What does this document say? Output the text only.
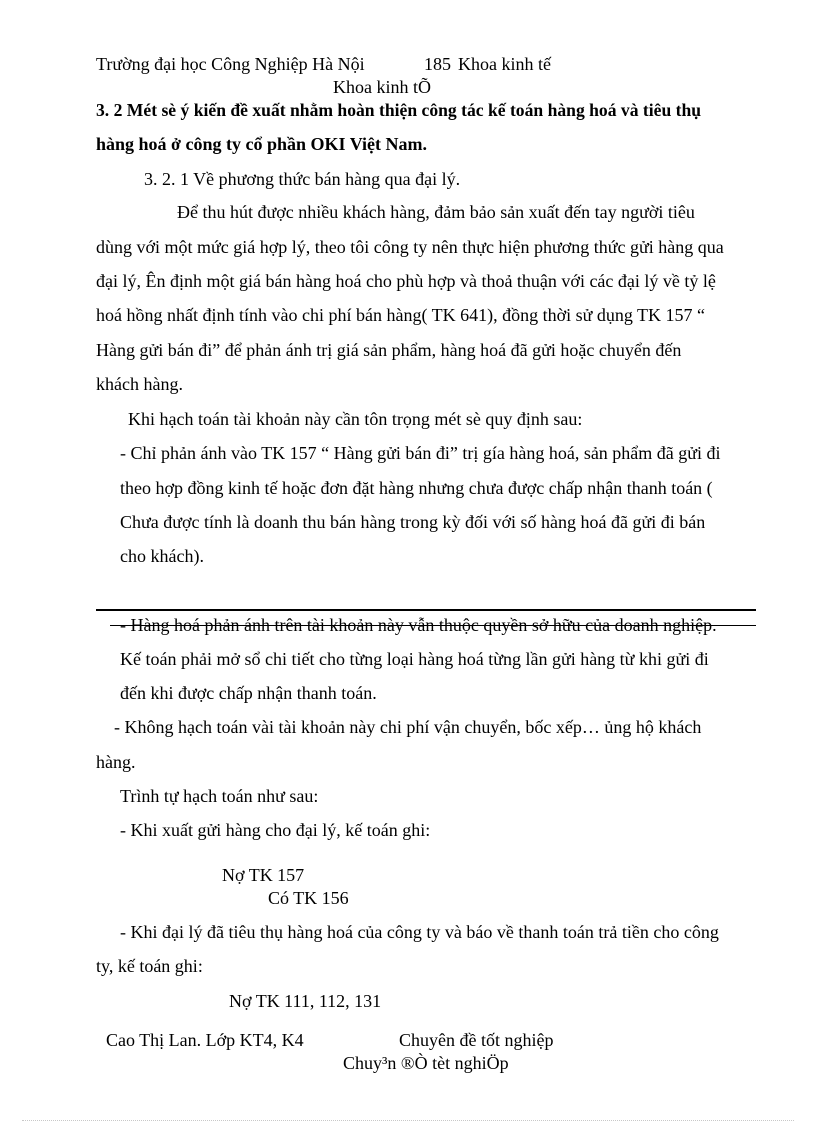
Trường đại học Công Nghiệp Hà Nội	185 Khoa kinh tế
Khoa kinh tÕ
3. 2 Mét sè ý kiến đề xuất nhằm hoàn thiện công tác kế toán hàng hoá và tiêu thụ
hàng hoá ở công ty cổ phần OKI Việt Nam.
3. 2. 1 Về phương thức bán hàng qua đại lý.
Để thu hút được nhiều khách hàng, đảm bảo sản xuất đến tay người tiêu
dùng với một mức giá hợp lý, theo tôi công ty nên thực hiện phương thức gửi hàng qua
đại lý, Ên định một giá bán hàng hoá cho phù hợp và thoả thuận với các đại lý về tỷ lệ
hoá hồng nhất định tính vào chi phí bán hàng( TK 641), đồng thời sử dụng TK 157 “
Hàng gửi bán đi” để phản ánh trị giá sản phẩm, hàng hoá đã gửi hoặc chuyển đến
khách hàng.
Khi hạch toán tài khoản này cần tôn trọng mét sè quy định sau:
- Chỉ phản ánh vào TK 157 “ Hàng gửi bán đi” trị gía hàng hoá, sản phẩm đã gửi đi
theo hợp đồng kinh tế hoặc đơn đặt hàng nhưng chưa được chấp nhận thanh toán (
Chưa được tính là doanh thu bán hàng trong kỳ đối với số hàng hoá đã gửi đi bán
cho khách).
- Hàng hoá phản ánh trên tài khoản này vẫn thuộc quyền sở hữu của doanh nghiệp.
Kế toán phải mở sổ chi tiết cho từng loại hàng hoá từng lần gửi hàng từ khi gửi đi
đến khi được chấp nhận thanh toán.
- Không hạch toán vài tài khoản này chi phí vận chuyển, bốc xếp… ủng hộ khách
hàng.
Trình tự hạch toán như sau:
- Khi xuất gửi hàng cho đại lý, kế toán ghi:
Nợ TK 157
Có TK 156
- Khi đại lý đã tiêu thụ hàng hoá của công ty và báo về thanh toán trả tiền cho công
ty, kế toán ghi:
Nợ TK 111, 112, 131
Cao Thị Lan. Lớp KT4, K4	Chuyên đề tốt nghiệp
Chuy³n ®Ò tèt nghiÖp
